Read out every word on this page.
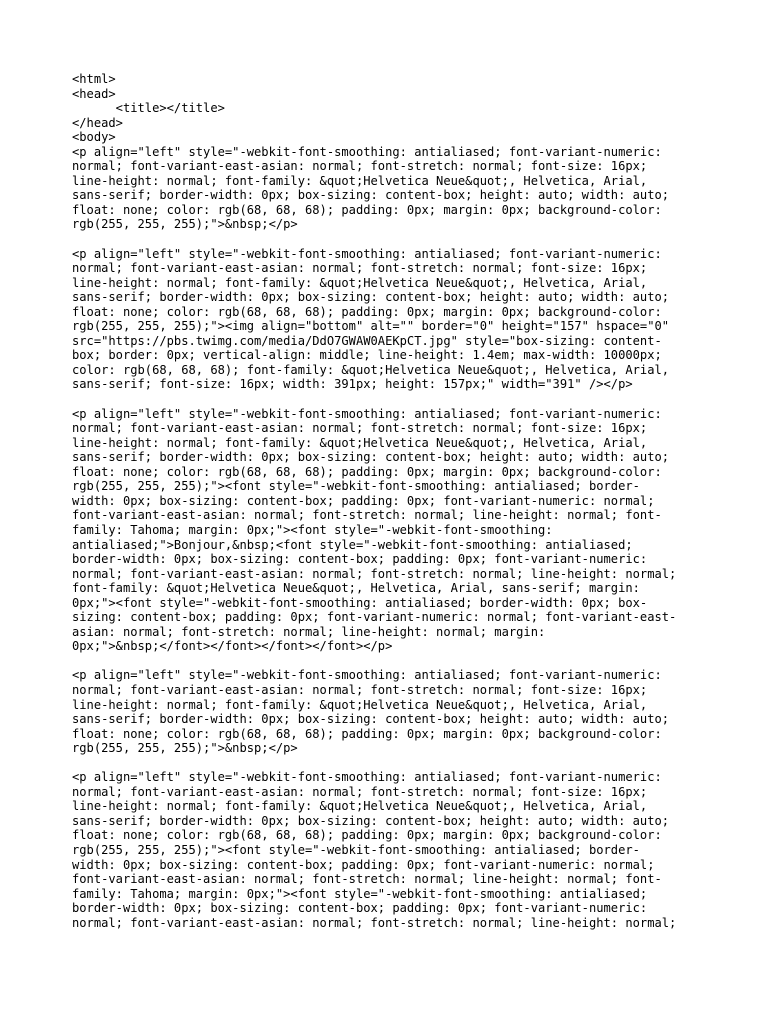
<html>
<head>
<title></title>
</head>
<body>
<p align="left" style="-webkit-font-smoothing: antialiased; font-variant-numeric:
normal; font-variant-east-asian: normal; font-stretch: normal; font-size: 16px;
line-height: normal; font-family: &quot;Helvetica Neue&quot;, Helvetica, Arial,
sans-serif; border-width: 0px; box-sizing: content-box; height: auto; width: auto;
float: none; color: rgb(68, 68, 68); padding: 0px; margin: 0px; background-color:
rgb(255, 255, 255);">&nbsp;</p>
<p align="left" style="-webkit-font-smoothing: antialiased; font-variant-numeric:
normal; font-variant-east-asian: normal; font-stretch: normal; font-size: 16px;
line-height: normal; font-family: &quot;Helvetica Neue&quot;, Helvetica, Arial,
sans-serif; border-width: 0px; box-sizing: content-box; height: auto; width: auto;
float: none; color: rgb(68, 68, 68); padding: 0px; margin: 0px; background-color:
rgb(255, 255, 255);"><img align="bottom" alt="" border="0" height="157" hspace="0"
src="https://pbs.twimg.com/media/DdO7GWAW0AEKpCT.jpg" style="box-sizing: content-
box; border: 0px; vertical-align: middle; line-height: 1.4em; max-width: 10000px;
color: rgb(68, 68, 68); font-family: &quot;Helvetica Neue&quot;, Helvetica, Arial,
sans-serif; font-size: 16px; width: 391px; height: 157px;" width="391" /></p>
<p align="left" style="-webkit-font-smoothing: antialiased; font-variant-numeric:
normal; font-variant-east-asian: normal; font-stretch: normal; font-size: 16px;
line-height: normal; font-family: &quot;Helvetica Neue&quot;, Helvetica, Arial,
sans-serif; border-width: 0px; box-sizing: content-box; height: auto; width: auto;
float: none; color: rgb(68, 68, 68); padding: 0px; margin: 0px; background-color:
rgb(255, 255, 255);"><font style="-webkit-font-smoothing: antialiased; border-
width: 0px; box-sizing: content-box; padding: 0px; font-variant-numeric: normal;
font-variant-east-asian: normal; font-stretch: normal; line-height: normal; font-
family: Tahoma; margin: 0px;"><font style="-webkit-font-smoothing:
antialiased;">Bonjour,&nbsp;<font style="-webkit-font-smoothing: antialiased;
border-width: 0px; box-sizing: content-box; padding: 0px; font-variant-numeric:
normal; font-variant-east-asian: normal; font-stretch: normal; line-height: normal;
font-family: &quot;Helvetica Neue&quot;, Helvetica, Arial, sans-serif; margin:
0px;"><font style="-webkit-font-smoothing: antialiased; border-width: 0px; box-
sizing: content-box; padding: 0px; font-variant-numeric: normal; font-variant-east-
asian: normal; font-stretch: normal; line-height: normal; margin:
0px;">&nbsp;</font></font></font></font></p>
<p align="left" style="-webkit-font-smoothing: antialiased; font-variant-numeric:
normal; font-variant-east-asian: normal; font-stretch: normal; font-size: 16px;
line-height: normal; font-family: &quot;Helvetica Neue&quot;, Helvetica, Arial,
sans-serif; border-width: 0px; box-sizing: content-box; height: auto; width: auto;
float: none; color: rgb(68, 68, 68); padding: 0px; margin: 0px; background-color:
rgb(255, 255, 255);">&nbsp;</p>
<p align="left" style="-webkit-font-smoothing: antialiased; font-variant-numeric:
normal; font-variant-east-asian: normal; font-stretch: normal; font-size: 16px;
line-height: normal; font-family: &quot;Helvetica Neue&quot;, Helvetica, Arial,
sans-serif; border-width: 0px; box-sizing: content-box; height: auto; width: auto;
float: none; color: rgb(68, 68, 68); padding: 0px; margin: 0px; background-color:
rgb(255, 255, 255);"><font style="-webkit-font-smoothing: antialiased; border-
width: 0px; box-sizing: content-box; padding: 0px; font-variant-numeric: normal;
font-variant-east-asian: normal; font-stretch: normal; line-height: normal; font-
family: Tahoma; margin: 0px;"><font style="-webkit-font-smoothing: antialiased;
border-width: 0px; box-sizing: content-box; padding: 0px; font-variant-numeric:
normal; font-variant-east-asian: normal; font-stretch: normal; line-height: normal;
